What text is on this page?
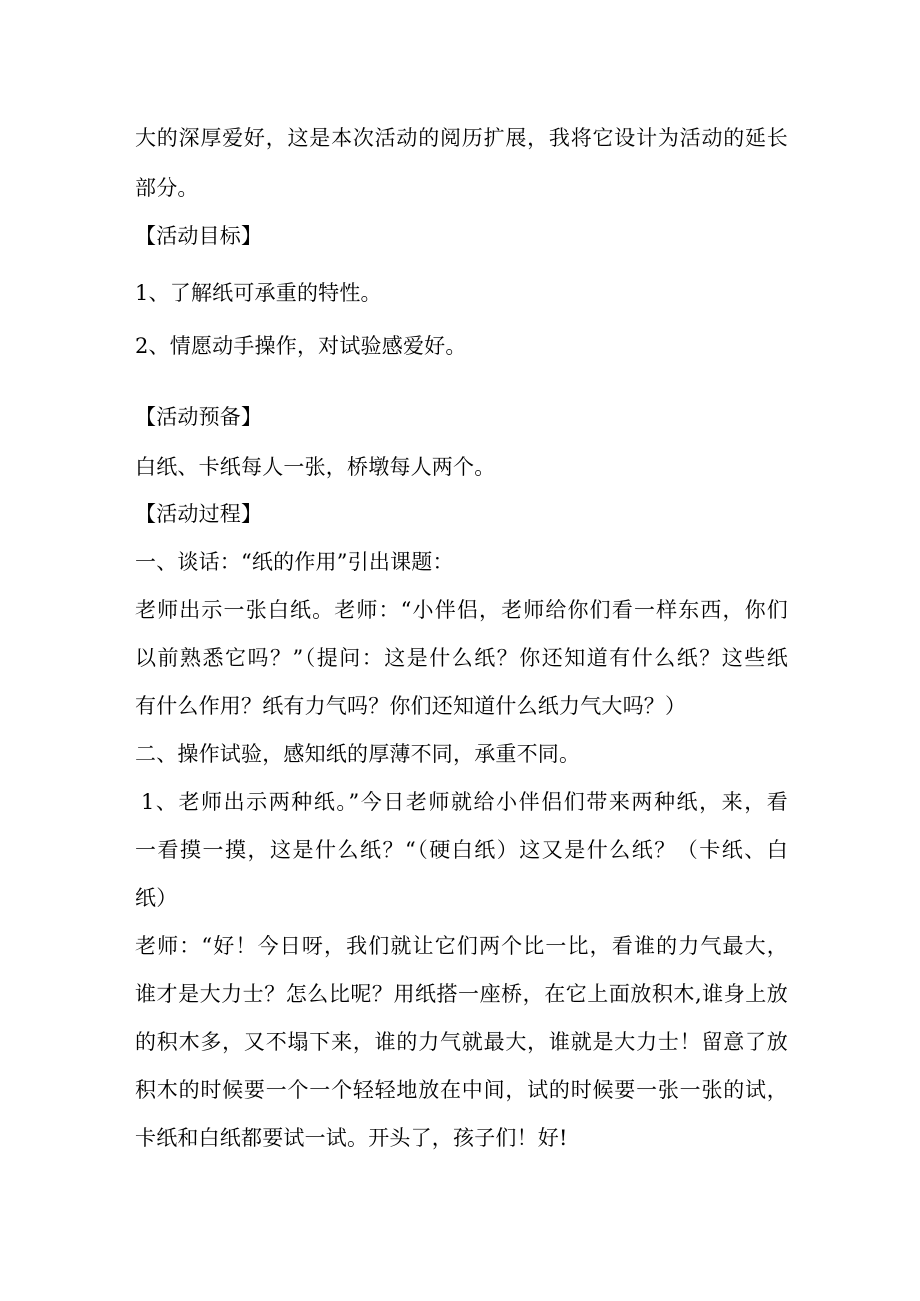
大的深厚爱好，这是本次活动的阅历扩展，我将它设计为活动的延长
部分。
【活动目标】
1、了解纸可承重的特性。
2、情愿动手操作，对试验感爱好。
【活动预备】
白纸、卡纸每人一张，桥墩每人两个。
【活动过程】
一、谈话：“纸的作用”引出课题：
老师出示一张白纸。老师：“小伴侣，老师给你们看一样东西，你们
以前熟悉它吗？”（提问：这是什么纸？你还知道有什么纸？这些纸
有什么作用？纸有力气吗？你们还知道什么纸力气大吗？）
二、操作试验，感知纸的厚薄不同，承重不同。
1、老师出示两种纸。”今日老师就给小伴侣们带来两种纸，来，看
一看摸一摸，这是什么纸？“（硬白纸）这又是什么纸？（卡纸、白
纸）
老师：“好！今日呀，我们就让它们两个比一比，看谁的力气最大，
谁才是大力士？怎么比呢？用纸搭一座桥，在它上面放积木,谁身上放
的积木多，又不塌下来，谁的力气就最大，谁就是大力士！留意了放
积木的时候要一个一个轻轻地放在中间，试的时候要一张一张的试，
卡纸和白纸都要试一试。开头了，孩子们！好!
